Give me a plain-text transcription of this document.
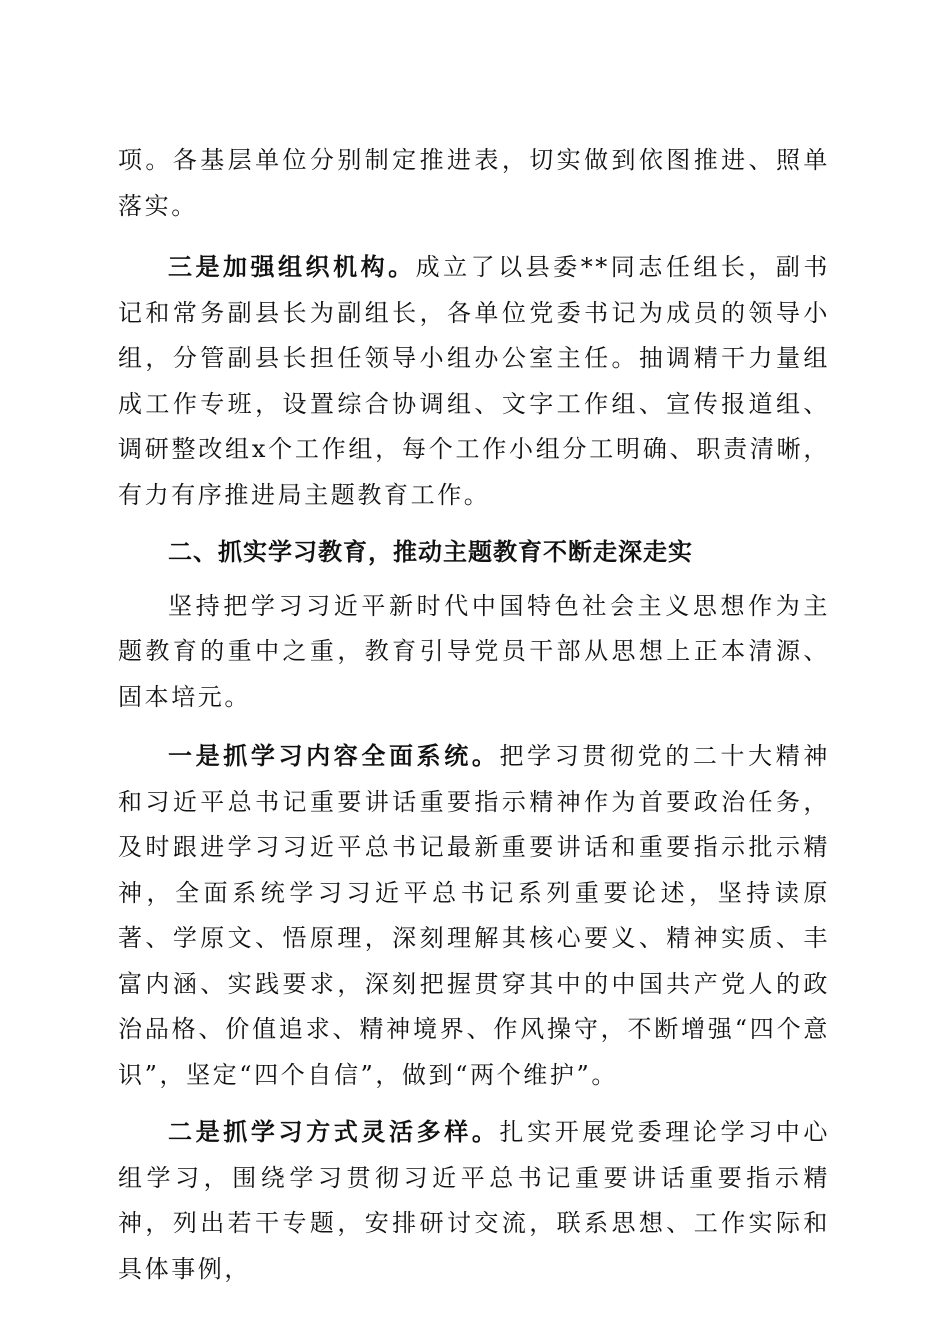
项。各基层单位分别制定推进表，切实做到依图推进、照单落实。

三是加强组织机构。成立了以县委**同志任组长，副书记和常务副县长为副组长，各单位党委书记为成员的领导小组，分管副县长担任领导小组办公室主任。抽调精干力量组成工作专班，设置综合协调组、文字工作组、宣传报道组、调研整改组x个工作组，每个工作小组分工明确、职责清晰，有力有序推进局主题教育工作。

二、抓实学习教育，推动主题教育不断走深走实

坚持把学习习近平新时代中国特色社会主义思想作为主题教育的重中之重，教育引导党员干部从思想上正本清源、固本培元。

一是抓学习内容全面系统。把学习贯彻党的二十大精神和习近平总书记重要讲话重要指示精神作为首要政治任务，及时跟进学习习近平总书记最新重要讲话和重要指示批示精神，全面系统学习习近平总书记系列重要论述，坚持读原著、学原文、悟原理，深刻理解其核心要义、精神实质、丰富内涵、实践要求，深刻把握贯穿其中的中国共产党人的政治品格、价值追求、精神境界、作风操守，不断增强“四个意识”，坚定“四个自信”，做到“两个维护”。

二是抓学习方式灵活多样。扎实开展党委理论学习中心组学习，围绕学习贯彻习近平总书记重要讲话重要指示精神，列出若干专题，安排研讨交流，联系思想、工作实际和具体事例，
